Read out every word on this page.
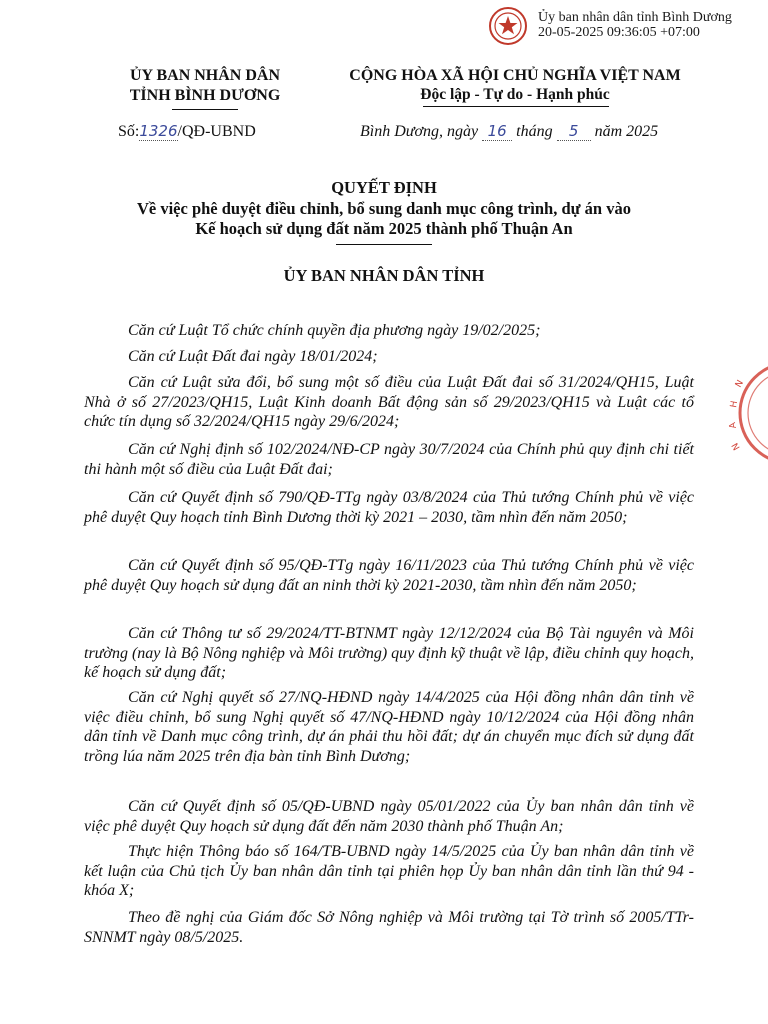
Ủy ban nhân dân tỉnh Bình Dương
20-05-2025 09:36:05 +07:00
ỦY BAN NHÂN DÂN
TỈNH BÌNH DƯƠNG
Số:1326/QĐ-UBND
CỘNG HÒA XÃ HỘI CHỦ NGHĨA VIỆT NAM
Độc lập - Tự do - Hạnh phúc
Bình Dương, ngày 16 tháng 5 năm 2025
QUYẾT ĐỊNH
Về việc phê duyệt điều chỉnh, bổ sung danh mục công trình, dự án vào
Kế hoạch sử dụng đất năm 2025 thành phố Thuận An
ỦY BAN NHÂN DÂN TỈNH
Căn cứ Luật Tổ chức chính quyền địa phương ngày 19/02/2025;
Căn cứ Luật Đất đai ngày 18/01/2024;
Căn cứ Luật sửa đổi, bổ sung một số điều của Luật Đất đai số 31/2024/QH15, Luật Nhà ở số 27/2023/QH15, Luật Kinh doanh Bất động sản số 29/2023/QH15 và Luật các tổ chức tín dụng số 32/2024/QH15 ngày 29/6/2024;
Căn cứ Nghị định số 102/2024/NĐ-CP ngày 30/7/2024 của Chính phủ quy định chi tiết thi hành một số điều của Luật Đất đai;
Căn cứ Quyết định số 790/QĐ-TTg ngày 03/8/2024 của Thủ tướng Chính phủ về việc phê duyệt Quy hoạch tỉnh Bình Dương thời kỳ 2021 – 2030, tầm nhìn đến năm 2050;
Căn cứ Quyết định số 95/QĐ-TTg ngày 16/11/2023 của Thủ tướng Chính phủ về việc phê duyệt Quy hoạch sử dụng đất an ninh thời kỳ 2021-2030, tầm nhìn đến năm 2050;
Căn cứ Thông tư số 29/2024/TT-BTNMT ngày 12/12/2024 của Bộ Tài nguyên và Môi trường (nay là Bộ Nông nghiệp và Môi trường) quy định kỹ thuật về lập, điều chỉnh quy hoạch, kế hoạch sử dụng đất;
Căn cứ Nghị quyết số 27/NQ-HĐND ngày 14/4/2025 của Hội đồng nhân dân tỉnh về việc điều chỉnh, bổ sung Nghị quyết số 47/NQ-HĐND ngày 10/12/2024 của Hội đồng nhân dân tỉnh về Danh mục công trình, dự án phải thu hồi đất; dự án chuyển mục đích sử dụng đất trồng lúa năm 2025 trên địa bàn tỉnh Bình Dương;
Căn cứ Quyết định số 05/QĐ-UBND ngày 05/01/2022 của Ủy ban nhân dân tỉnh về việc phê duyệt Quy hoạch sử dụng đất đến năm 2030 thành phố Thuận An;
Thực hiện Thông báo số 164/TB-UBND ngày 14/5/2025 của Ủy ban nhân dân tỉnh về kết luận của Chủ tịch Ủy ban nhân dân tỉnh tại phiên họp Ủy ban nhân dân tỉnh lần thứ 94 - khóa X;
Theo đề nghị của Giám đốc Sở Nông nghiệp và Môi trường tại Tờ trình số 2005/TTr-SNNMT ngày 08/5/2025.
N
H
A
N
